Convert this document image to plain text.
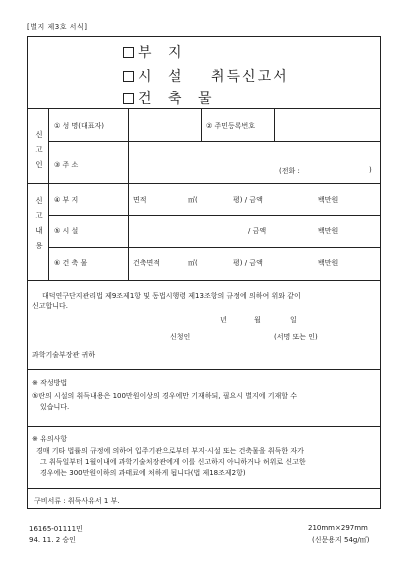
[별지 제3호 서식]
부 지
시 설
건 축 물
취득신고서
신
고
인
① 성 명(대표자)	② 주민등록번호
③ 주 소
(전화 :	)
신
고
내
용
④ 부 지	면적	㎡(	평) / 금액	백만원
⑤ 시 설	/ 금액	백만원
⑥ 건 축 물	건축면적	㎡(	평) / 금액	백만원
대덕연구단지관리법 제9조제1항 및 동법시행령 제13조항의 규정에 의하여 위와 같이
신고합니다.
년	월	일
신청인	(서명 또는 인)
과학기술부장관 귀하
※ 작성방법
⑤란의 시설의 취득내용은 100만원이상의 경우에만 기재하되, 필요시 별지에 기재할 수
있습니다.
※ 유의사항
경매 기타 법률의 규정에 의하여 입주기관으로부터 부지·시설 또는 건축물을 취득한 자가
그 취득일부터 1월이내에 과학기술처장관에게 이를 신고하지 아니하거나 허위로 신고한
경우에는 300만원이하의 과태료에 처하게 됩니다(법 제18조제2항)
구비서류 : 취득사유서 1 부.
16165-01111민
94. 11. 2 승인
210mm×297mm
(신문용지 54g/㎡)
